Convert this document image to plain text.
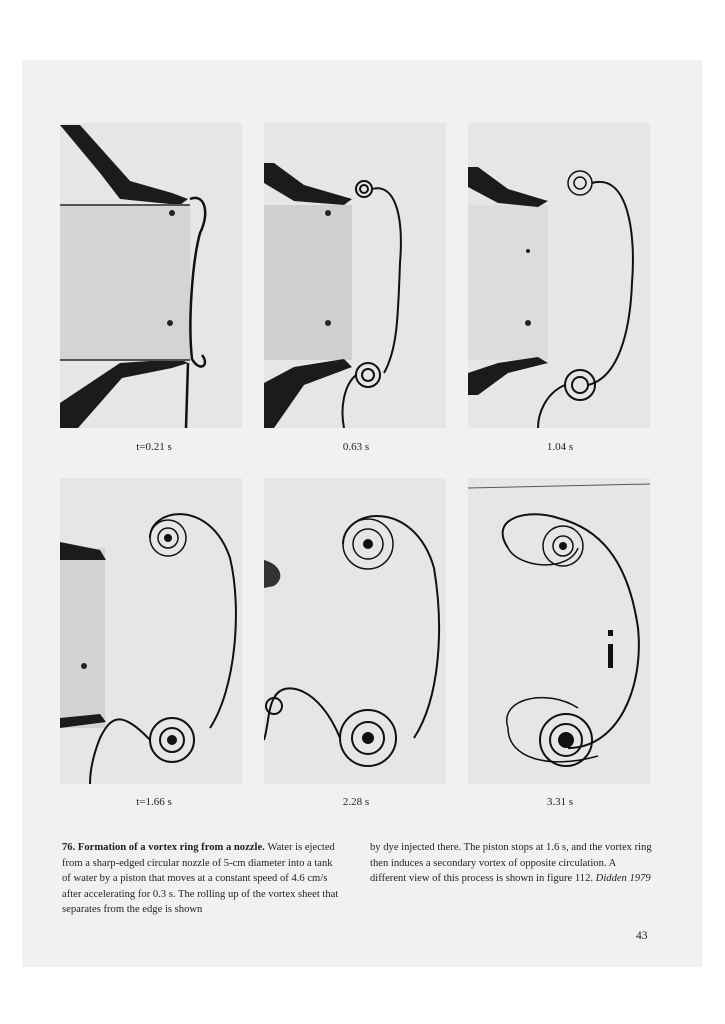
t=0.21 s	0.63 s	1.04 s
t=1.66 s	2.28 s	3.31 s
76. Formation of a vortex ring from a nozzle. Water is ejected from a sharp-edged circular nozzle of 5-cm diameter into a tank of water by a piston that moves at a constant speed of 4.6 cm/s after accelerating for 0.3 s. The rolling up of the vortex sheet that separates from the edge is shown
by dye injected there. The piston stops at 1.6 s, and the vortex ring then induces a secondary vortex of opposite circulation. A different view of this process is shown in figure 112. Didden 1979
43
